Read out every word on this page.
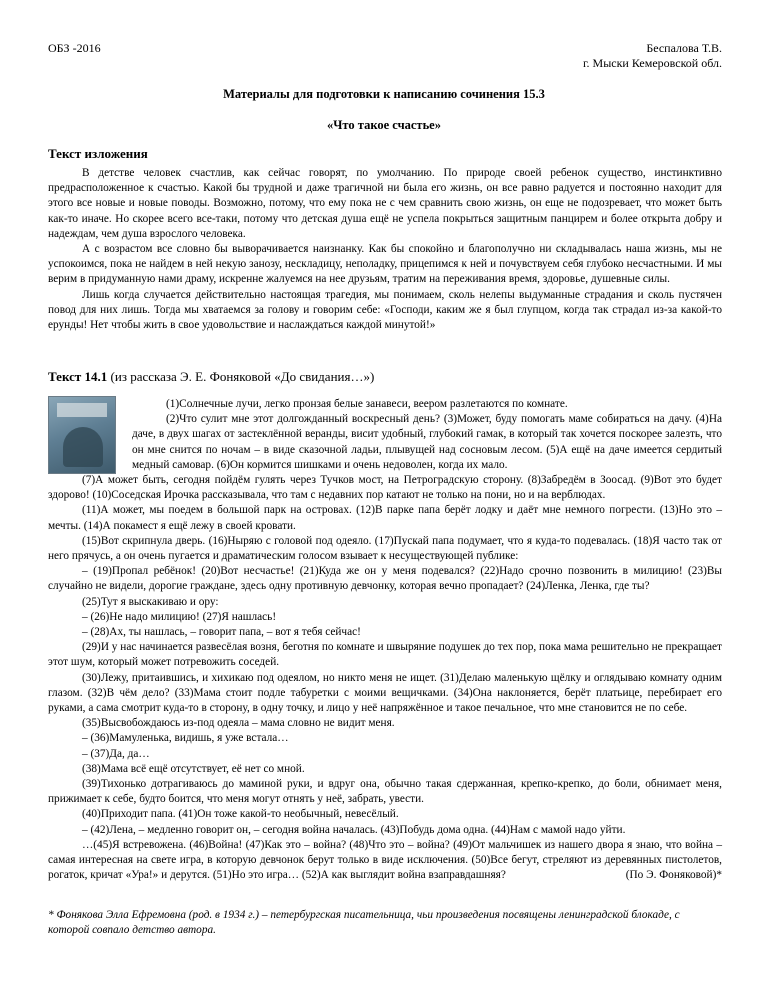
ОБЗ -2016	Беспалова Т.В.
г. Мыски Кемеровской обл.
Материалы для подготовки к написанию сочинения 15.3
«Что такое счастье»
Текст изложения

В детстве человек счастлив, как сейчас говорят, по умолчанию. По природе своей ребенок существо, инстинктивно предрасположенное к счастью. Какой бы трудной и даже трагичной ни была его жизнь, он все равно радуется и постоянно находит для этого все новые и новые поводы. Возможно, потому, что ему пока не с чем сравнить свою жизнь, он еще не подозревает, что может быть как-то иначе. Но скорее всего все-таки, потому что детская душа ещё не успела покрыться защитным панцирем и более открыта добру и надеждам, чем душа взрослого человека.

А с возрастом все словно бы выворачивается наизнанку. Как бы спокойно и благополучно ни складывалась наша жизнь, мы не успокоимся, пока не найдем в ней некую занозу, нескладицу, неполадку, прицепимся к ней и почувствуем себя глубоко несчастными. И мы верим в придуманную нами драму, искренне жалуемся на нее друзьям, тратим на переживания время, здоровье, душевные силы.

Лишь когда случается действительно настоящая трагедия, мы понимаем, сколь нелепы выдуманные страдания и сколь пустячен повод для них лишь. Тогда мы хватаемся за голову и говорим себе: «Господи, каким же я был глупцом, когда так страдал из-за какой-то ерунды! Нет чтобы жить в свое удовольствие и наслаждаться каждой минутой!»

Текст 14.1 (из рассказа Э. Е. Фоняковой «До свидания…»)

(1)Солнечные лучи, легко пронзая белые занавеси, веером разлетаются по комнате.

(2)Что сулит мне этот долгожданный воскресный день? (3)Может, буду помогать маме собираться на дачу. (4)На даче, в двух шагах от застеклённой веранды, висит удобный, глубокий гамак, в который так хочется поскорее залезть, что он мне снится по ночам – в виде сказочной ладьи, плывущей над сосновым лесом. (5)А ещё на даче имеется сердитый медный самовар. (6)Он кормится шишками и очень недоволен, когда их мало.

(7)А может быть, сегодня пойдём гулять через Тучков мост, на Петроградскую сторону. (8)Забредём в Зоосад. (9)Вот это будет здорово! (10)Соседская Ирочка рассказывала, что там с недавних пор катают не только на пони, но и на верблюдах.

(11)А может, мы поедем в большой парк на островах. (12)В парке папа берёт лодку и даёт мне немного погрести. (13)Но это – мечты. (14)А покамест я ещё лежу в своей кровати.

(15)Вот скрипнула дверь. (16)Ныряю с головой под одеяло. (17)Пускай папа подумает, что я куда-то подевалась. (18)Я часто так от него прячусь, а он очень пугается и драматическим голосом взывает к несуществующей публике:

– (19)Пропал ребёнок! (20)Вот несчастье! (21)Куда же он у меня подевался? (22)Надо срочно позвонить в милицию! (23)Вы случайно не видели, дорогие граждане, здесь одну противную девчонку, которая вечно пропадает? (24)Ленка, Ленка, где ты?

(25)Тут я выскакиваю и ору:

– (26)Не надо милицию! (27)Я нашлась!

– (28)Ах, ты нашлась, – говорит папа, – вот я тебя сейчас!

(29)И у нас начинается развесёлая возня, беготня по комнате и швыряние подушек до тех пор, пока мама решительно не прекращает этот шум, который может потревожить соседей.

(30)Лежу, притаившись, и хихикаю под одеялом, но никто меня не ищет. (31)Делаю маленькую щёлку и оглядываю комнату одним глазом. (32)В чём дело? (33)Мама стоит подле табуретки с моими вещичками. (34)Она наклоняется, берёт платьице, перебирает его руками, а сама смотрит куда-то в сторону, в одну точку, и лицо у неё напряжённое и такое печальное, что мне становится не по себе.

(35)Высвобождаюсь из-под одеяла – мама словно не видит меня.

– (36)Мамуленька, видишь, я уже встала…

– (37)Да, да…

(38)Мама всё ещё отсутствует, её нет со мной.

(39)Тихонько дотрагиваюсь до маминой руки, и вдруг она, обычно такая сдержанная, крепко-крепко, до боли, обнимает меня, прижимает к себе, будто боится, что меня могут отнять у неё, забрать, увести.

(40)Приходит папа. (41)Он тоже какой-то необычный, невесёлый.

– (42)Лена, – медленно говорит он, – сегодня война началась. (43)Побудь дома одна. (44)Нам с мамой надо уйти.

…(45)Я встревожена. (46)Война! (47)Как это – война? (48)Что это – война? (49)От мальчишек из нашего двора я знаю, что война – самая интересная на свете игра, в которую девчонок берут только в виде исключения. (50)Все бегут, стреляют из деревянных пистолетов, рогаток, кричат «Ура!» и дерутся. (51)Но это игра… (52)А как выглядит война взаправдашняя?	(По Э. Фоняковой)*

* Фонякова Элла Ефремовна (род. в 1934 г.) – петербургская писательница, чьи произведения посвящены ленинградской блокаде, с которой совпало детство автора.
